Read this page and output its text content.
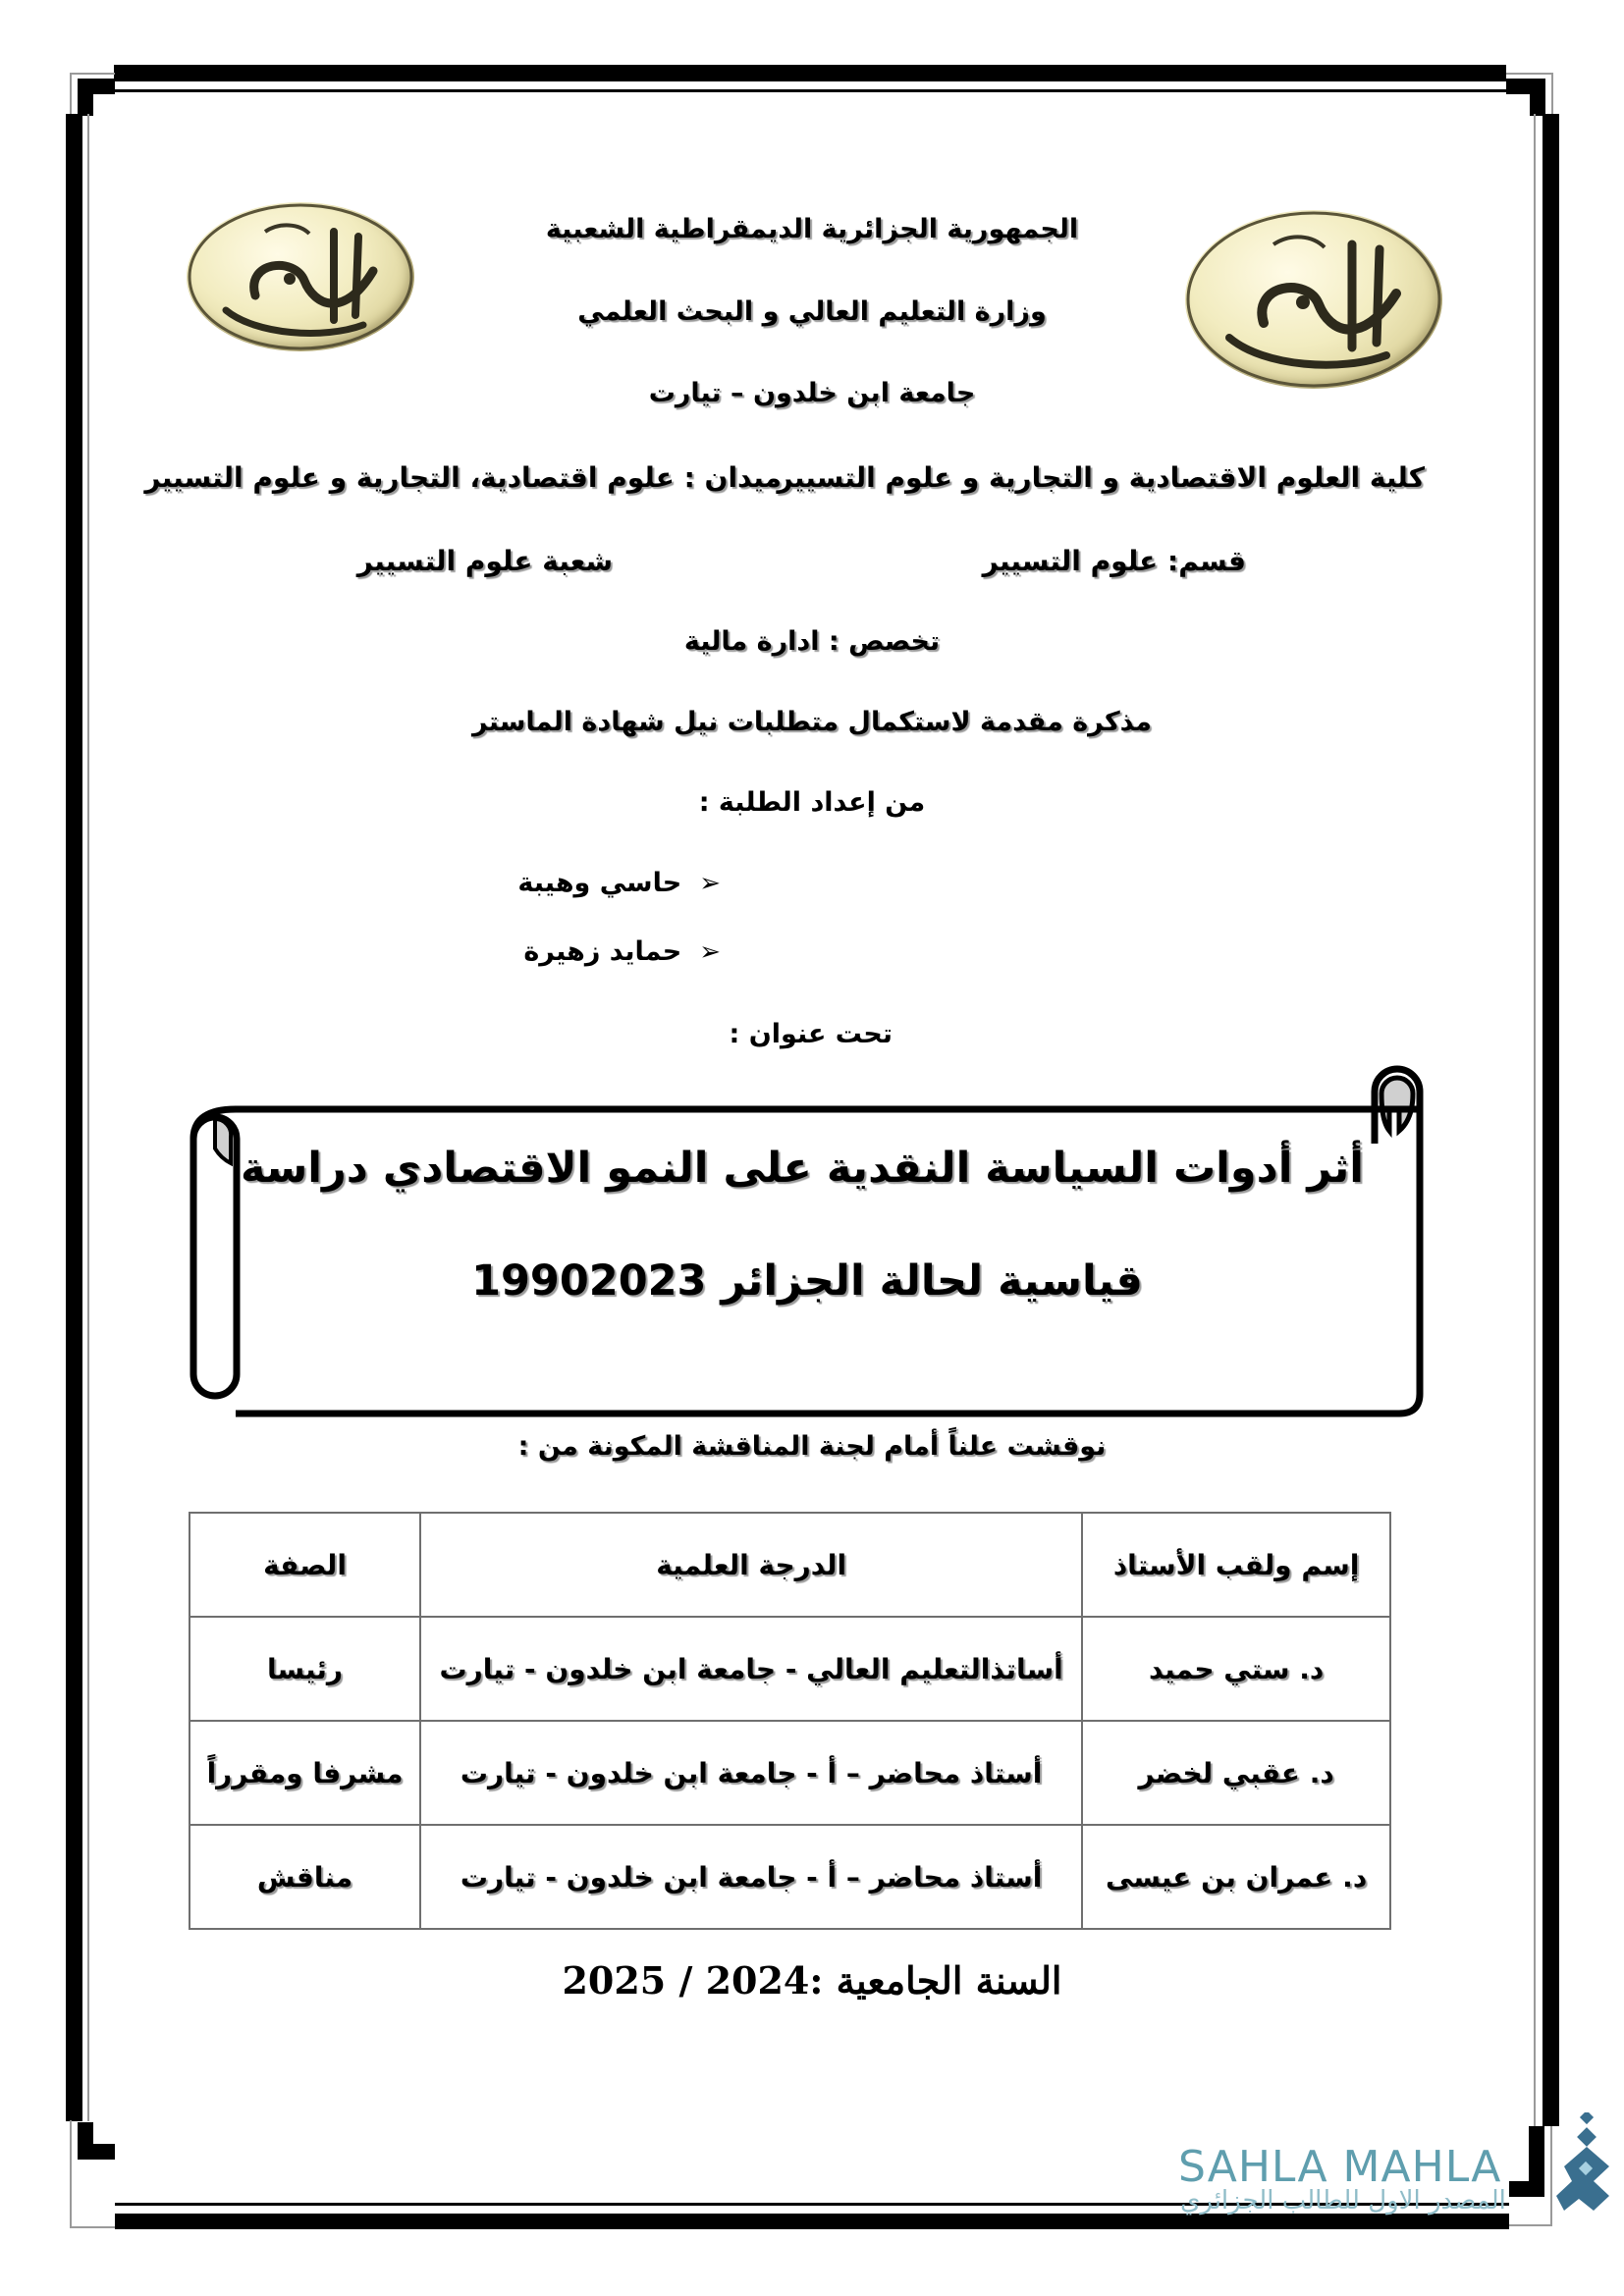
الجمهورية الجزائرية الديمقراطية الشعبية
وزارة التعليم العالي و البحث العلمي
جامعة ابن خلدون – تيارت
كلية العلوم الاقتصادية و التجارية و علوم التسيير
ميدان : علوم اقتصادية، التجارية و علوم التسيير
قسم: علوم التسيير
شعبة علوم التسيير
تخصص : ادارة مالية
مذكرة مقدمة لاستكمال متطلبات نيل شهادة الماستر
من إعداد الطلبة :
➢
حاسي وهيبة
➢
حمايد زهيرة
تحت عنوان :
أثر أدوات السياسة النقدية على النمو الاقتصادي دراسة
قياسية لحالة الجزائر 19902023
نوقشت علناً أمام لجنة المناقشة المكونة من :
إسم ولقب الأستاذ	الدرجة العلمية	الصفة
د. ستي حميد	أساتذالتعليم العالي - جامعة ابن خلدون - تيارت	رئيسا
د. عقبي لخضر	أستاذ محاضر – أ - جامعة ابن خلدون - تيارت	مشرفا ومقرراً
د. عمران بن عيسى	أستاذ محاضر – أ - جامعة ابن خلدون - تيارت	مناقش
السنة الجامعية :2024 / 2025
SAHLA MAHLA
المصدر الاول للطالب الجزائري
